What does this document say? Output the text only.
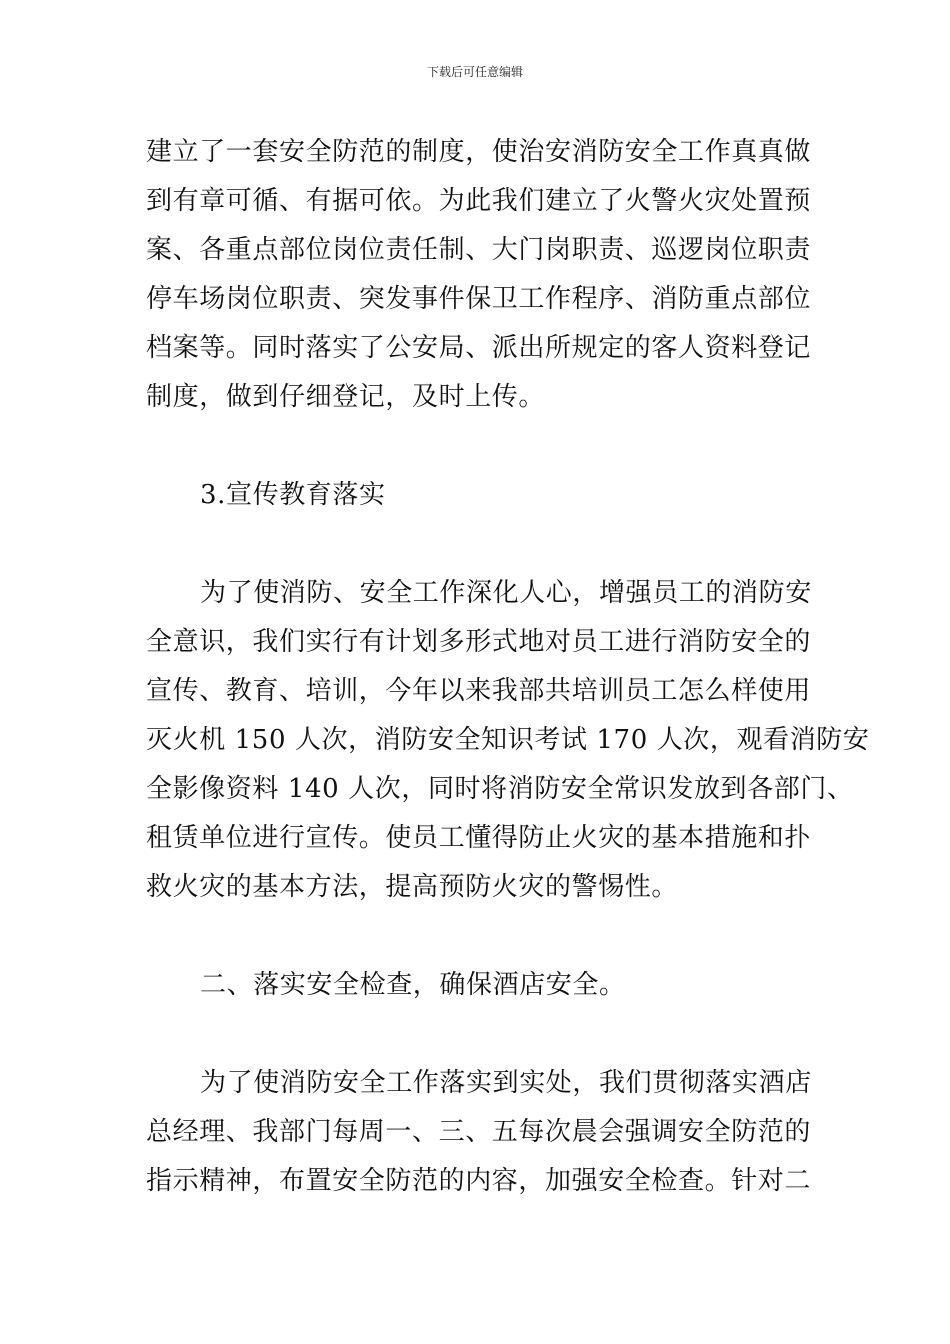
下载后可任意编辑
建立了一套安全防范的制度，使治安消防安全工作真真做
到有章可循、有据可依。为此我们建立了火警火灾处置预
案、各重点部位岗位责任制、大门岗职责、巡逻岗位职责
停车场岗位职责、突发事件保卫工作程序、消防重点部位
档案等。同时落实了公安局、派出所规定的客人资料登记
制度，做到仔细登记，及时上传。
3.宣传教育落实
为了使消防、安全工作深化人心，增强员工的消防安
全意识，我们实行有计划多形式地对员工进行消防安全的
宣传、教育、培训，今年以来我部共培训员工怎么样使用
灭火机 150 人次，消防安全知识考试 170 人次，观看消防安
全影像资料 140 人次，同时将消防安全常识发放到各部门、
租赁单位进行宣传。使员工懂得防止火灾的基本措施和扑
救火灾的基本方法，提高预防火灾的警惕性。
二、落实安全检查，确保酒店安全。
为了使消防安全工作落实到实处，我们贯彻落实酒店
总经理、我部门每周一、三、五每次晨会强调安全防范的
指示精神，布置安全防范的内容，加强安全检查。针对二
